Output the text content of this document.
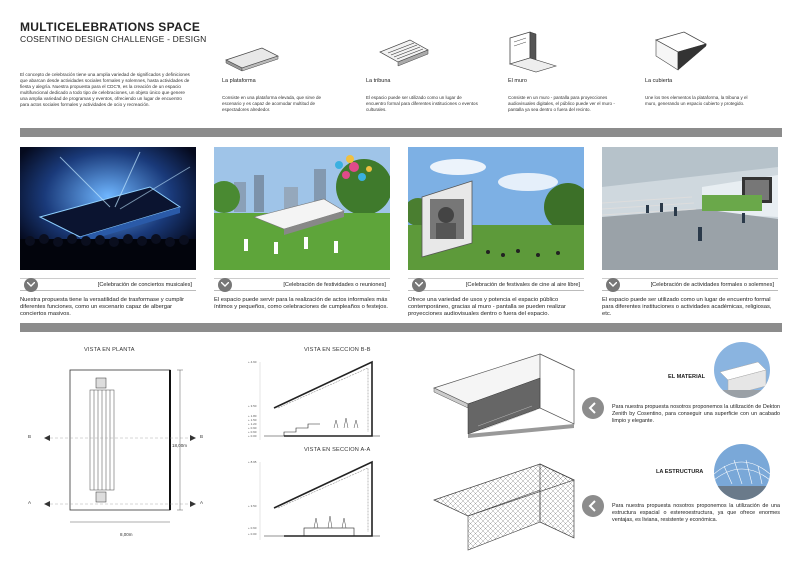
MULTICELEBRATIONS SPACE
COSENTINO DESIGN CHALLENGE - DESIGN
El concepto de celebración tiene una amplia variedad de significados y definiciones que abarcan desde actividades sociales formales y solemnes, hasta actividades de fiesta y alegría. Nuestra propuesta para el CDC'9, es la creación de un espacio multifuncional dedicado a todo tipo de celebraciones, un objeto único que genere una amplia variedad de programas y eventos, ofreciendo un lugar de encuentro para actos sociales formales y actividades de ocio y recreación.
La plataforma
Consiste en una plataforma elevada, que sirve de escenario y es capaz de acomodar multitud de espectadores alrededor.
La tribuna
El espacio puede ser utilizado como un lugar de encuentro formal para diferentes instituciones o eventos culturales.
El muro
Consiste en un muro - pantalla para proyecciones audiovisuales digitales, el público puede ver el muro - pantalla ya sea dentro o fuera del recinto.
La cubierta
Une los tres elementos la plataforma, la tribuna y el muro, generando un espacio cubierto y protegido.
[Celebración de conciertos musicales]	[Celebración de festividades o reuniones]	[Celebración de festivales de cine al aire libre]	[Celebración de actividades formales o solemnes]
Nuestra propuesta tiene la versatilidad de trasformase y cumplir diferentes funciones, como un escenario capaz de albergar conciertos masivos.
El espacio puede servir para la realización de actos informales más íntimos y pequeños, como celebraciones de cumpleaños o festejos.
Ofrece una variedad de usos y potencia el espacio público contemporáneo, gracias al muro - pantalla se pueden realizar proyecciones audiovisuales dentro o fuera del espacio.
El espacio puede ser utilizado como un lugar de encuentro formal para diferentes instituciones o actividades académicas, religiosas, etc.
VISTA EN PLANTA
B	B
A	A
18,00m
8,00m
VISTA EN SECCION B-B
+ 4.60
+ 3.50
+ 1.80
+ 1.50
+ 1.20
+ 0.90
+ 0.60
+ 0.00
VISTA EN SECCION A-A
+ 8.95
+ 3.50
+ 0.60
+ 0.00
EL MATERIAL
Para nuestra propuesta nosotros proponemos la utilización de Dekton Zenith by Cosentino, para conseguir una superficie con un acabado limpio y elegante.
LA ESTRUCTURA
Para nuestra propuesta nosotros proponemos la utilización de una estructura espacial o estereoestructura, ya que ofrece enormes ventajas, es liviana, resistente y económica.
